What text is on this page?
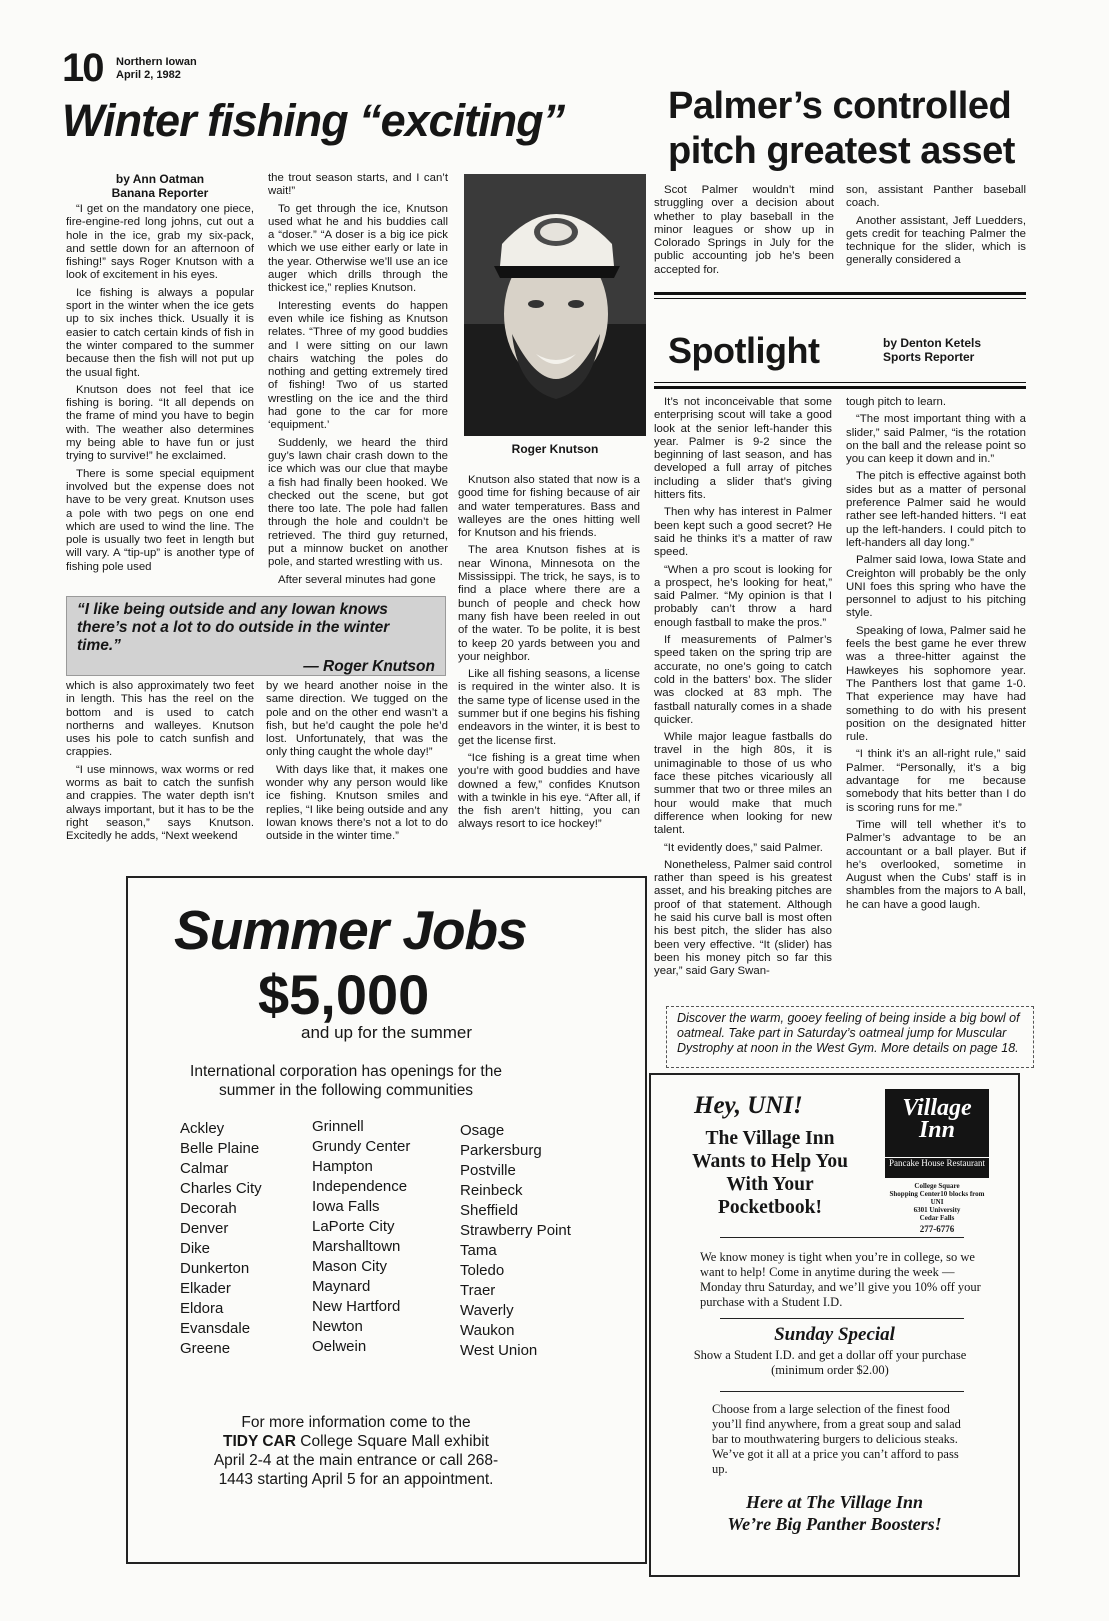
10 Northern Iowan
April 2, 1982
Winter fishing “exciting”
by Ann Oatman
Banana Reporter

“I get on the mandatory one piece, fire-engine-red long johns, cut out a hole in the ice, grab my six-pack, and settle down for an afternoon of fishing!” says Roger Knutson with a look of excitement in his eyes.

Ice fishing is always a popular sport in the winter when the ice gets up to six inches thick. Usually it is easier to catch certain kinds of fish in the winter compared to the summer because then the fish will not put up the usual fight.

Knutson does not feel that ice fishing is boring. “It all depends on the frame of mind you have to begin with. The weather also determines my being able to have fun or just trying to survive!” he exclaimed.

There is some special equipment involved but the expense does not have to be very great. Knutson uses a pole with two pegs on one end which are used to wind the line. The pole is usually two feet in length but will vary. A “tip-up” is another type of fishing pole used

the trout season starts, and I can’t wait!”

To get through the ice, Knutson used what he and his buddies call a “doser.” “A doser is a big ice pick which we use either early or late in the year. Otherwise we’ll use an ice auger which drills through the thickest ice,” replies Knutson.

Interesting events do happen even while ice fishing as Knutson relates. “Three of my good buddies and I were sitting on our lawn chairs watching the poles do nothing and getting extremely tired of fishing! Two of us started wrestling on the ice and the third had gone to the car for more ‘equipment.’

Suddenly, we heard the third guy’s lawn chair crash down to the ice which was our clue that maybe a fish had finally been hooked. We checked out the scene, but got there too late. The pole had fallen through the hole and couldn’t be retrieved. The third guy returned, put a minnow bucket on another pole, and started wrestling with us.

After several minutes had gone

Roger Knutson

Knutson also stated that now is a good time for fishing because of air and water temperatures. Bass and walleyes are the ones hitting well for Knutson and his friends.

The area Knutson fishes at is near Winona, Minnesota on the Mississippi. The trick, he says, is to find a place where there are a bunch of people and check how many fish have been reeled in out of the water. To be polite, it is best to keep 20 yards between you and your neighbor.

Like all fishing seasons, a license is required in the winter also. It is the same type of license used in the summer but if one begins his fishing endeavors in the winter, it is best to get the license first.

“Ice fishing is a great time when you’re with good buddies and have downed a few,” confides Knutson with a twinkle in his eye. “After all, if the fish aren’t hitting, you can always resort to ice hockey!”

“I like being outside and any Iowan knows there’s not a lot to do outside in the winter time.”
— Roger Knutson

which is also approximately two feet in length. This has the reel on the bottom and is used to catch northerns and walleyes. Knutson uses his pole to catch sunfish and crappies.

“I use minnows, wax worms or red worms as bait to catch the sunfish and crappies. The water depth isn’t always important, but it has to be the right season,” says Knutson. Excitedly he adds, “Next weekend

by we heard another noise in the same direction. We tugged on the pole and on the other end wasn’t a fish, but he’d caught the pole he’d lost. Unfortunately, that was the only thing caught the whole day!”

With days like that, it makes one wonder why any person would like ice fishing. Knutson smiles and replies, “I like being outside and any Iowan knows there’s not a lot to do outside in the winter time.”

Palmer’s controlled pitch greatest asset

Scot Palmer wouldn’t mind struggling over a decision about whether to play baseball in the minor leagues or show up in Colorado Springs in July for the public accounting job he’s been accepted for.

son, assistant Panther baseball coach.

Another assistant, Jeff Luedders, gets credit for teaching Palmer the technique for the slider, which is generally considered a

Spotlight	by Denton Ketels
Sports Reporter

It’s not inconceivable that some enterprising scout will take a good look at the senior left-hander this year. Palmer is 9-2 since the beginning of last season, and has developed a full array of pitches including a slider that’s giving hitters fits.

Then why has interest in Palmer been kept such a good secret? He said he thinks it’s a matter of raw speed.

“When a pro scout is looking for a prospect, he’s looking for heat,” said Palmer. “My opinion is that I probably can’t throw a hard enough fastball to make the pros.”

If measurements of Palmer’s speed taken on the spring trip are accurate, no one’s going to catch cold in the batters’ box. The slider was clocked at 83 mph. The fastball naturally comes in a shade quicker.

While major league fastballs do travel in the high 80s, it is unimaginable to those of us who face these pitches vicariously all summer that two or three miles an hour would make that much difference when looking for new talent.

“It evidently does,” said Palmer.

Nonetheless, Palmer said control rather than speed is his greatest asset, and his breaking pitches are proof of that statement. Although he said his curve ball is most often his best pitch, the slider has also been very effective. “It (slider) has been his money pitch so far this year,” said Gary Swan-

tough pitch to learn.

“The most important thing with a slider,” said Palmer, “is the rotation on the ball and the release point so you can keep it down and in.”

The pitch is effective against both sides but as a matter of personal preference Palmer said he would rather see left-handed hitters. “I eat up the left-handers. I could pitch to left-handers all day long.”

Palmer said Iowa, Iowa State and Creighton will probably be the only UNI foes this spring who have the personnel to adjust to his pitching style.

Speaking of Iowa, Palmer said he feels the best game he ever threw was a three-hitter against the Hawkeyes his sophomore year. The Panthers lost that game 1-0. That experience may have had something to do with his present position on the designated hitter rule.

“I think it’s an all-right rule,” said Palmer. “Personally, it’s a big advantage for me because somebody that hits better than I do is scoring runs for me.”

Time will tell whether it’s to Palmer’s advantage to be an accountant or a ball player. But if he’s overlooked, sometime in August when the Cubs’ staff is in shambles from the majors to A ball, he can have a good laugh.

Discover the warm, gooey feeling of being inside a big bowl of oatmeal. Take part in Saturday’s oatmeal jump for Muscular Dystrophy at noon in the West Gym. More details on page 18.
Summer Jobs
$5,000
and up for the summer
International corporation has openings for the summer in the following communities
Ackley
Belle Plaine
Calmar
Charles City
Decorah
Denver
Dike
Dunkerton
Elkader
Eldora
Evansdale
Greene
Grinnell
Grundy Center
Hampton
Independence
Iowa Falls
LaPorte City
Marshalltown
Mason City
Maynard
New Hartford
Newton
Oelwein
Osage
Parkersburg
Postville
Reinbeck
Sheffield
Strawberry Point
Tama
Toledo
Traer
Waverly
Waukon
West Union
For more information come to the
TIDY CAR College Square Mall exhibit
April 2-4 at the main entrance or call 268-1443 starting April 5 for an appointment.
Hey, UNI!
The Village Inn Wants to Help You With Your Pocketbook!
Village Inn
Pancake House Restaurant
College Square
Shopping Center10 blocks from UNI
6301 University
Cedar Falls
277-6776
We know money is tight when you’re in college, so we want to help! Come in anytime during the week — Monday thru Saturday, and we’ll give you 10% off your purchase with a Student I.D.
Sunday Special
Show a Student I.D. and get a dollar off your purchase (minimum order $2.00)
Choose from a large selection of the finest food you’ll find anywhere, from a great soup and salad bar to mouthwatering burgers to delicious steaks. We’ve got it all at a price you can’t afford to pass up.
Here at The Village Inn
We’re Big Panther Boosters!
